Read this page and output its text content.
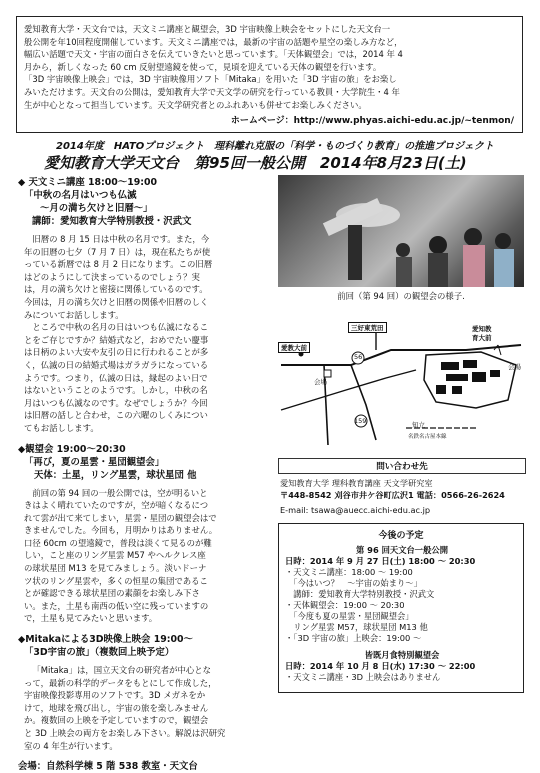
愛知教育大学・天文台では，天文ミニ講座と観望会，3D 宇宙映像上映会をセットにした天文台一

般公開を年10回程度開催しています。天文ミニ講座では，最新の宇宙の話題や星空の楽しみ方など，

幅広い話題で天文・宇宙の面白さを伝えていきたいと思っています。「天体観望会」では，2014 年 4

月から，新しくなった 60 cm 反射望遠鏡を使って，見頃を迎えている天体の観望を行います。

「3D 宇宙映像上映会」では，3D 宇宙映像用ソフト「Mitaka」を用いた「3D 宇宙の旅」をお楽し

みいただけます。天文台の公開は，愛知教育大学で天文学の研究を行っている教員・大学院生・4 年

生が中心となって担当しています。天文学研究者とのふれあいも併せてお楽しみください。

ホームページ：http://www.phyas.aichi-edu.ac.jp/~tenmon/
2014年度　HATOプロジェクト　理科離れ克服の「科学・ものづくり教育」の推進プロジェクト
愛知教育大学天文台　第95回一般公開　2014年8月23日(土)

◆ 天文ミニ講座 18:00〜19:00

「中秋の名月はいつも仏滅

〜月の満ち欠けと旧暦〜」

講師：愛知教育大学特別教授・沢武文

旧暦の 8 月 15 日は中秋の名月です。また，今

年の旧暦の七夕（7 月 7 日）は，現在私たちが使

っている新暦では 8 月 2 日になります。この旧暦

はどのようにして決まっているのでしょう？実

は，月の満ち欠けと密接に関係しているのです。

今回は，月の満ち欠けと旧暦の関係や旧暦のしく

みについてお話しします。

ところで中秋の名月の日はいつも仏滅になるこ

とをご存じですか？結婚式など，おめでたい慶事

は日柄のよい大安や友引の日に行われることが多

く，仏滅の日の結婚式場はガラガラになっている

ようです。つまり，仏滅の日は，縁起のよい日で

はないということのようです。しかし，中秋の名

月はいつも仏滅なのです。なぜでしょうか？今回

は旧暦の話しと合わせ，この六曜のしくみについ

てもお話しします。

◆観望会 19:00〜20:30

「再び，夏の星雲・星団観望会」

天体：土星，リング星雲，球状星団 他

前回の第 94 回の一般公開では，空が明るいと

きはよく晴れていたのですが，空が暗くなるにつ

れて雲が出て来てしまい，星雲・星団の観望会はで

きませんでした。今回も，月明かりはありません。

口径 60cm の望遠鏡で，普段は淡くて見るのが難

しい，こと座のリング星雲 M57 やヘルクレス座

の球状星団 M13 を見てみましょう。淡いドーナ

ツ状のリング星雲や，多くの恒星の集団であるこ

とが確認できる球状星団の素顔をお楽しみ下さ

い。また，土星も南西の低い空に残っていますの

で，土星も見てみたいと思います。

◆Mitakaによる3D映像上映会 19:00〜

「3D宇宙の旅」（複数回上映予定）

「Mitaka」は，国立天文台の研究者が中心とな

って，最新の科学的データをもとにして作成した，

宇宙映像投影専用のソフトです。3D メガネをか

けて，地球を飛び出し，宇宙の旅を楽しみません

か。複数回の上映を予定していますので，観望会

と 3D 上映会の両方をお楽しみ下さい。解説は沢研究

室の 4 年生が行います。

会場：自然科学棟 5 階 538 教室・天文台

前回（第 94 回）の観望会の様子.
三好東荒田
愛教大前
会場
愛知教
育大前
56
159	知立
名鉄名古屋本線
会場
問い合わせ先

愛知教育大学 理科教育講座 天文学研究室

〒448-8542 刈谷市井ケ谷町広沢1 電話：0566-26-2624

E-mail: tsawa@auecc.aichi-edu.ac.jp

今後の予定

第 96 回天文台一般公開

日時：2014 年 9 月 27 日(土) 18:00 〜 20:30

・天文ミニ講座：18:00 〜 19:00

　「今はいつ？　〜宇宙の始まり〜」

　講師：愛知教育大学特別教授・沢武文

・天体観望会：19:00 〜 20:30

　「今度も夏の星雲・星団観望会」

　リング星雲 M57，球状星団 M13 他

・「3D 宇宙の旅」上映会：19:00 〜

皆既月食特別観望会

日時：2014 年 10 月 8 日(水) 17:30 〜 22:00

・天文ミニ講座・3D 上映会はありません
